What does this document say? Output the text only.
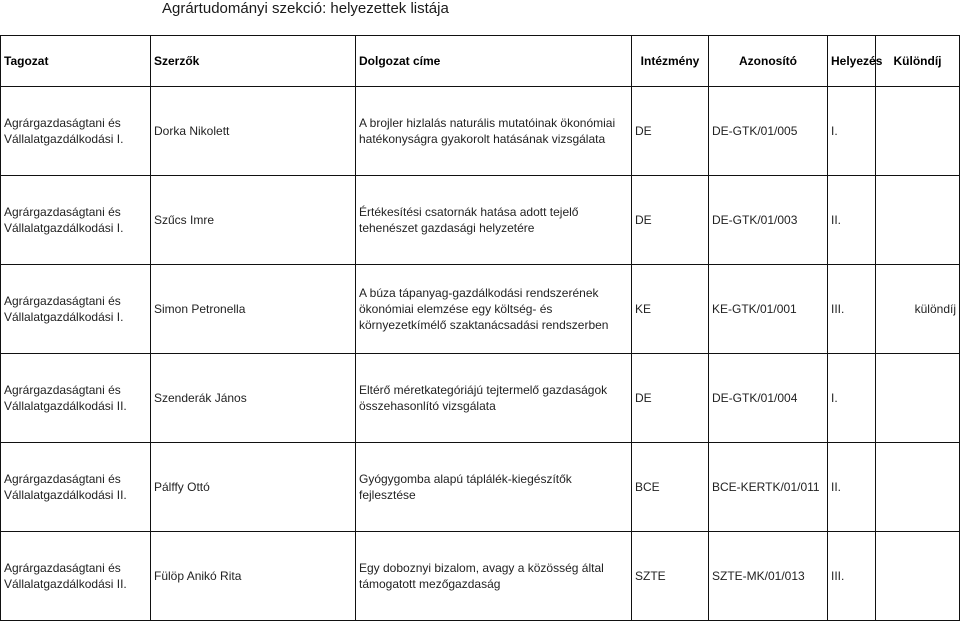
Agrártudományi szekció: helyezettek listája
Tagozat	Szerzők	Dolgozat címe	Intézmény	Azonosító	Helyezés	Különdíj
Agrárgazdaságtani és Vállalatgazdálkodási I.	Dorka Nikolett	A brojler hizlalás naturális mutatóinak ökonómiai hatékonyságra gyakorolt hatásának vizsgálata	DE	DE-GTK/01/005	I.	
Agrárgazdaságtani és Vállalatgazdálkodási I.	Szűcs Imre	Értékesítési csatornák hatása adott tejelő tehenészet gazdasági helyzetére	DE	DE-GTK/01/003	II.	
Agrárgazdaságtani és Vállalatgazdálkodási I.	Simon Petronella	A búza tápanyag-gazdálkodási rendszerének ökonómiai elemzése egy költség- és környezetkímélő szaktanácsadási rendszerben	KE	KE-GTK/01/001	III.	különdíj
Agrárgazdaságtani és Vállalatgazdálkodási II.	Szenderák János	Eltérő méretkategóriájú tejtermelő gazdaságok összehasonlító vizsgálata	DE	DE-GTK/01/004	I.	
Agrárgazdaságtani és Vállalatgazdálkodási II.	Pálffy Ottó	Gyógygomba alapú táplálék-kiegészítők fejlesztése	BCE	BCE-KERTK/01/011	II.	
Agrárgazdaságtani és Vállalatgazdálkodási II.	Fülöp Anikó Rita	Egy doboznyi bizalom, avagy a közösség által támogatott mezőgazdaság	SZTE	SZTE-MK/01/013	III.	
